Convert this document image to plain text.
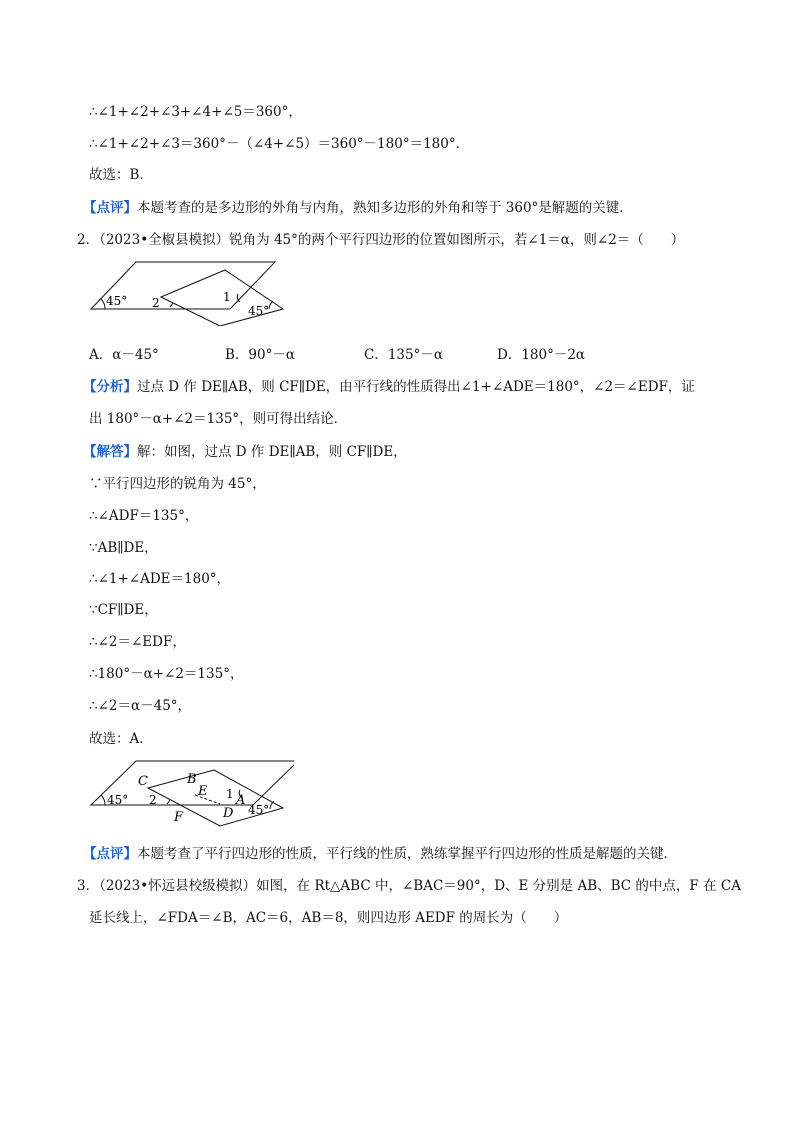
∴∠1+∠2+∠3+∠4+∠5＝360°，
∴∠1+∠2+∠3＝360°－（∠4+∠5）＝360°－180°＝180°．
故选：B．
【点评】本题考查的是多边形的外角与内角，熟知多边形的外角和等于 360°是解题的关键．
2．（2023•全椒县模拟）锐角为 45°的两个平行四边形的位置如图所示，若∠1＝α，则∠2＝（　　）
45° 2	1
45°
A．α－45°	B．90°－α	C．135°－α	D．180°－2α
【分析】过点 D 作 DE∥AB，则 CF∥DE，由平行线的性质得出∠1+∠ADE＝180°，∠2＝∠EDF，证
出 180°－α+∠2＝135°，则可得出结论．
【解答】解：如图，过点 D 作 DE∥AB，则 CF∥DE，
∵平行四边形的锐角为 45°，
∴∠ADF＝135°，
∵AB∥DE，
∴∠1+∠ADE＝180°，
∵CF∥DE，
∴∠2＝∠EDF，
∴180°－α+∠2＝135°，
∴∠2＝α－45°，
故选：A．
C	B
E 1 A
45° 2
D 45°
F
【点评】本题考查了平行四边形的性质，平行线的性质，熟练掌握平行四边形的性质是解题的关键．
3．（2023•怀远县校级模拟）如图，在 Rt△ABC 中，∠BAC＝90°，D、E 分别是 AB、BC 的中点，F 在 CA
延长线上，∠FDA＝∠B，AC＝6，AB＝8，则四边形 AEDF 的周长为（　　）
